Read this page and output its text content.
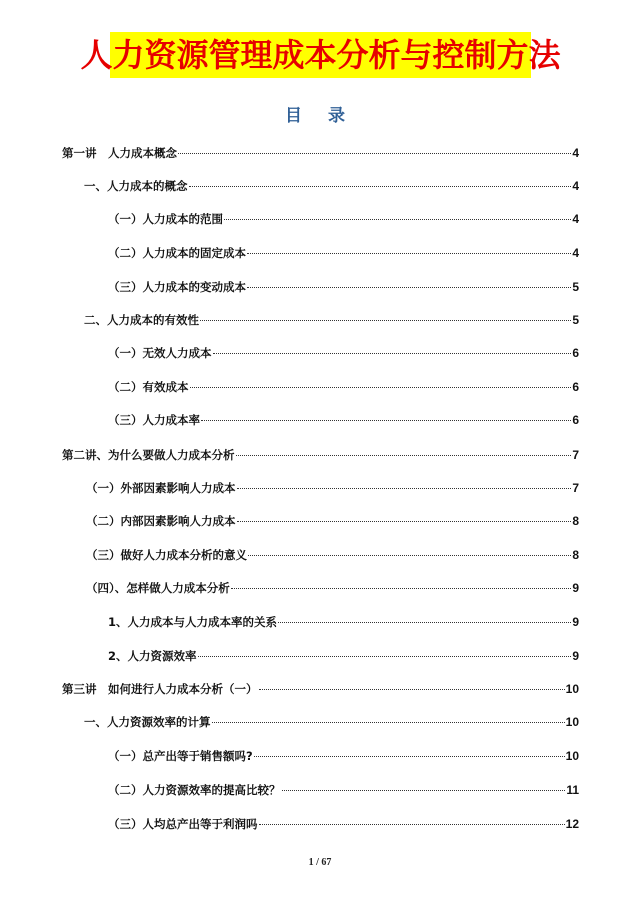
人力资源管理成本分析与控制方法
目 录
第一讲　人力成本概念	4
一、人力成本的概念	4
（一）人力成本的范围	4
（二）人力成本的固定成本	4
（三）人力成本的变动成本	5
二、人力成本的有效性	5
（一）无效人力成本	6
（二）有效成本	6
（三）人力成本率	6
第二讲、为什么要做人力成本分析	7
（一）外部因素影响人力成本	7
（二）内部因素影响人力成本	8
（三）做好人力成本分析的意义	8
（四）、怎样做人力成本分析	9
1、人力成本与人力成本率的关系	9
2、人力资源效率	9
第三讲　如何进行人力成本分析（一）	10
一、人力资源效率的计算	10
（一）总产出等于销售额吗?	10
（二）人力资源效率的提高比较？	11
（三）人均总产出等于利润吗	12
1 / 67
